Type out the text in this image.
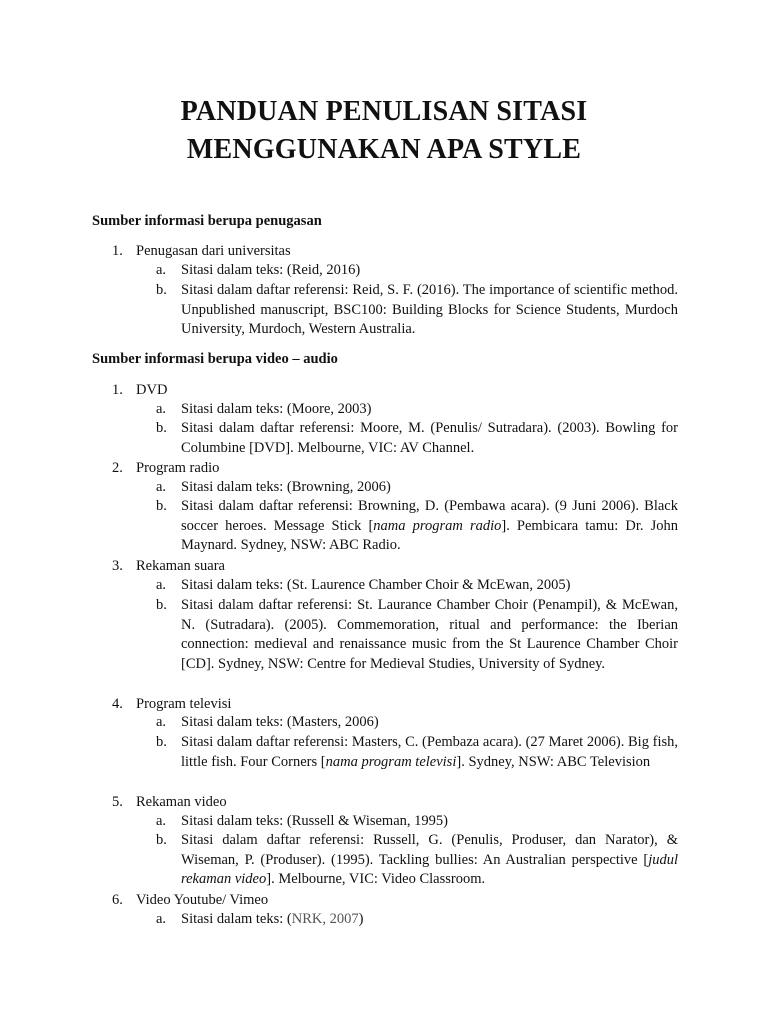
PANDUAN PENULISAN SITASI
MENGGUNAKAN APA STYLE
Sumber informasi berupa penugasan
1. Penugasan dari universitas
a. Sitasi dalam teks: (Reid, 2016)
b. Sitasi dalam daftar referensi: Reid, S. F. (2016). The importance of scientific method. Unpublished manuscript, BSC100: Building Blocks for Science Students, Murdoch University, Murdoch, Western Australia.
Sumber informasi berupa video – audio
1. DVD
a. Sitasi dalam teks: (Moore, 2003)
b. Sitasi dalam daftar referensi: Moore, M. (Penulis/ Sutradara). (2003). Bowling for Columbine [DVD]. Melbourne, VIC: AV Channel.
2. Program radio
a. Sitasi dalam teks: (Browning, 2006)
b. Sitasi dalam daftar referensi: Browning, D. (Pembawa acara). (9 Juni 2006). Black soccer heroes. Message Stick [nama program radio]. Pembicara tamu: Dr. John Maynard. Sydney, NSW: ABC Radio.
3. Rekaman suara
a. Sitasi dalam teks: (St. Laurence Chamber Choir & McEwan, 2005)
b. Sitasi dalam daftar referensi: St. Laurance Chamber Choir (Penampil), & McEwan, N. (Sutradara). (2005). Commemoration, ritual and performance: the Iberian connection: medieval and renaissance music from the St Laurence Chamber Choir [CD]. Sydney, NSW: Centre for Medieval Studies, University of Sydney.
4. Program televisi
a. Sitasi dalam teks: (Masters, 2006)
b. Sitasi dalam daftar referensi: Masters, C. (Pembaza acara). (27 Maret 2006). Big fish, little fish. Four Corners [nama program televisi]. Sydney, NSW: ABC Television
5. Rekaman video
a. Sitasi dalam teks: (Russell & Wiseman, 1995)
b. Sitasi dalam daftar referensi: Russell, G. (Penulis, Produser, dan Narator), & Wiseman, P. (Produser). (1995). Tackling bullies: An Australian perspective [judul rekaman video]. Melbourne, VIC: Video Classroom.
6. Video Youtube/ Vimeo
a. Sitasi dalam teks: (NRK, 2007)
